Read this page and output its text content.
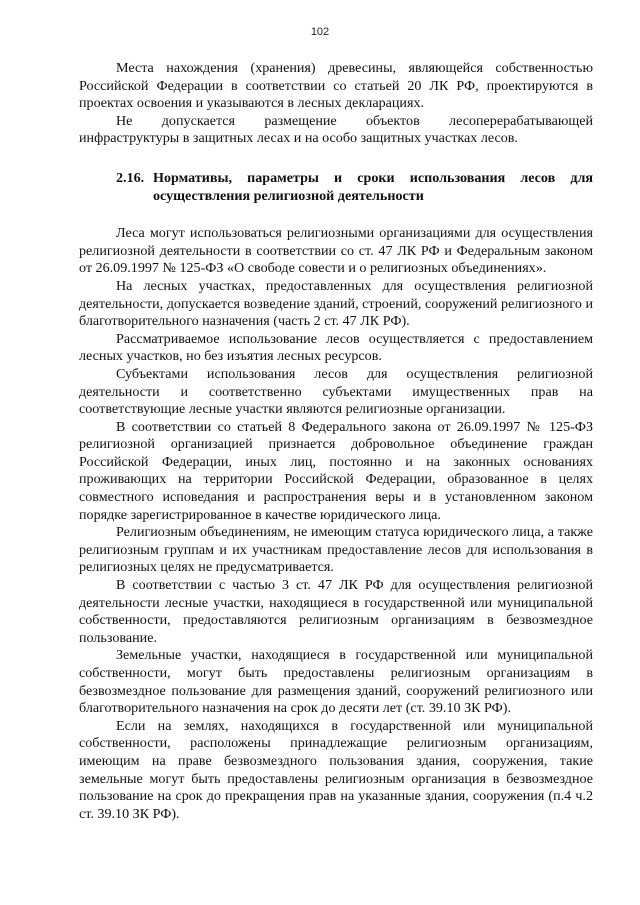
102

Места нахождения (хранения) древесины, являющейся собственностью Российской Федерации в соответствии со статьей 20 ЛК РФ, проектируются в проектах освоения и указываются в лесных декларациях.

Не допускается размещение объектов лесоперерабатывающей инфраструктуры в защитных лесах и на особо защитных участках лесов.

2.16. Нормативы, параметры и сроки использования лесов для осуществления религиозной деятельности

Леса могут использоваться религиозными организациями для осуществления религиозной деятельности в соответствии со ст. 47 ЛК РФ и Федеральным законом от 26.09.1997 № 125-ФЗ «О свободе совести и о религиозных объединениях».

На лесных участках, предоставленных для осуществления религиозной деятельности, допускается возведение зданий, строений, сооружений религиозного и благотворительного назначения (часть 2 ст. 47 ЛК РФ).

Рассматриваемое использование лесов осуществляется с предоставлением лесных участков, но без изъятия лесных ресурсов.

Субъектами использования лесов для осуществления религиозной деятельности и соответственно субъектами имущественных прав на соответствующие лесные участки являются религиозные организации.

В соответствии со статьей 8 Федерального закона от 26.09.1997 № 125-ФЗ религиозной организацией признается добровольное объединение граждан Российской Федерации, иных лиц, постоянно и на законных основаниях проживающих на территории Российской Федерации, образованное в целях совместного исповедания и распространения веры и в установленном законом порядке зарегистрированное в качестве юридического лица.

Религиозным объединениям, не имеющим статуса юридического лица, а также религиозным группам и их участникам предоставление лесов для использования в религиозных целях не предусматривается.

В соответствии с частью 3 ст. 47 ЛК РФ для осуществления религиозной деятельности лесные участки, находящиеся в государственной или муниципальной собственности, предоставляются религиозным организациям в безвозмездное пользование.

Земельные участки, находящиеся в государственной или муниципальной собственности, могут быть предоставлены религиозным организациям в безвозмездное пользование для размещения зданий, сооружений религиозного или благотворительного назначения на срок до десяти лет (ст. 39.10 ЗК РФ).

Если на землях, находящихся в государственной или муниципальной собственности, расположены принадлежащие религиозным организациям, имеющим на праве безвозмездного пользования здания, сооружения, такие земельные могут быть предоставлены религиозным организация в безвозмездное пользование на срок до прекращения прав на указанные здания, сооружения (п.4 ч.2 ст. 39.10 ЗК РФ).
